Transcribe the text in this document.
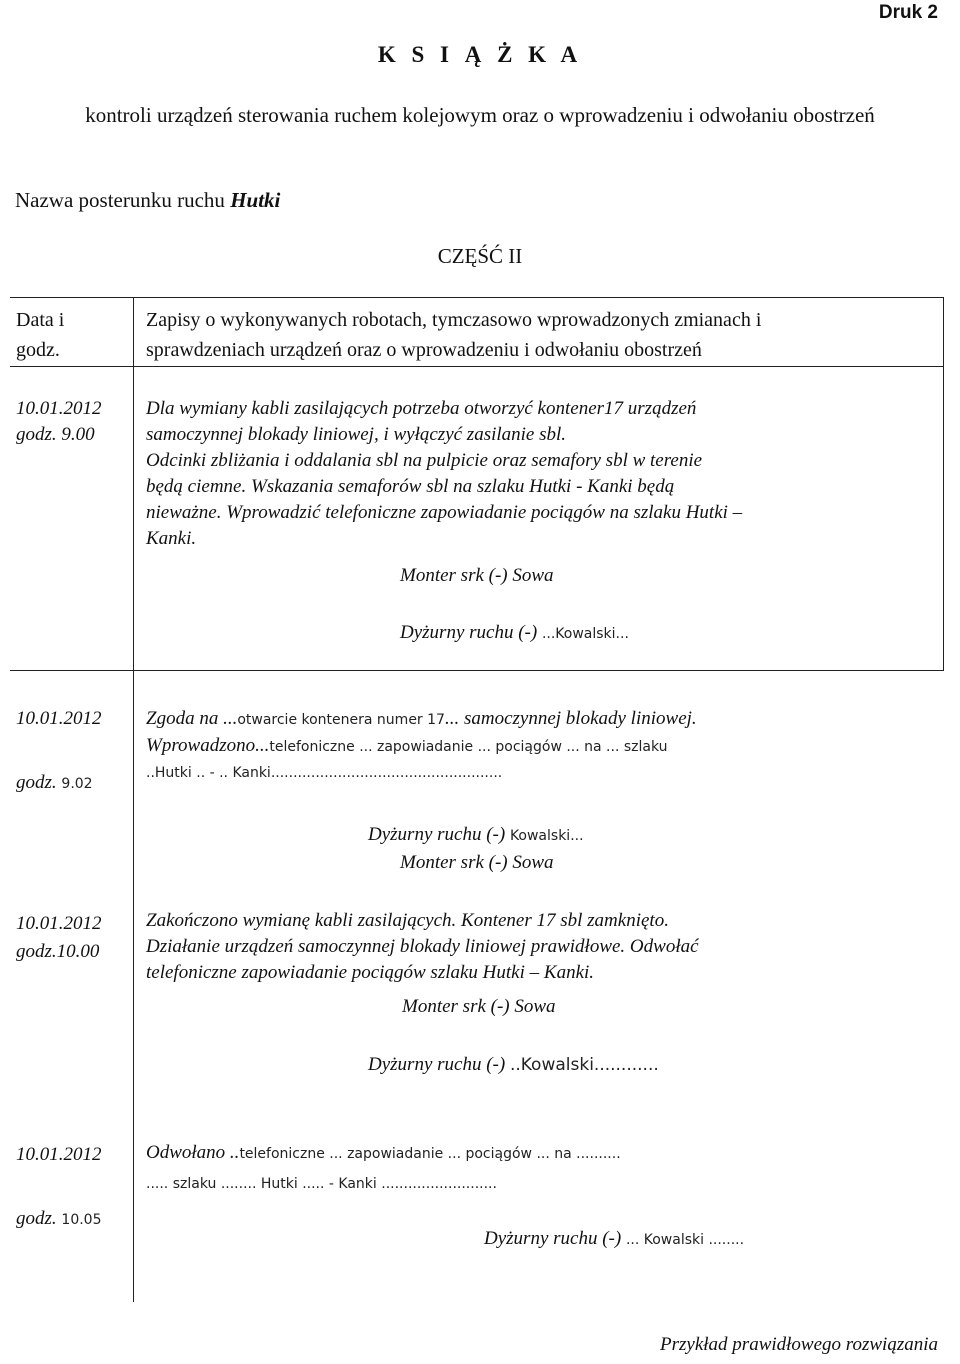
Druk 2
K S I Ą Ż K A
kontroli urządzeń sterowania ruchem kolejowym oraz o wprowadzeniu i odwołaniu obostrzeń
Nazwa posterunku ruchu Hutki
CZĘŚĆ II
Data i
godz.
Zapisy o wykonywanych robotach, tymczasowo wprowadzonych zmianach i
sprawdzeniach urządzeń oraz o wprowadzeniu i odwołaniu obostrzeń
10.01.2012
godz. 9.00
Dla wymiany kabli zasilających potrzeba otworzyć kontener17 urządzeń
samoczynnej blokady liniowej, i wyłączyć zasilanie sbl.
Odcinki zbliżania i oddalania sbl na pulpicie oraz semafory sbl w terenie
będą ciemne. Wskazania semaforów sbl na szlaku Hutki - Kanki będą
nieważne. Wprowadzić telefoniczne zapowiadanie pociągów na szlaku Hutki –
Kanki.
Monter srk (-) Sowa
Dyżurny ruchu (-) ...Kowalski...
10.01.2012
godz. 9.02
Zgoda na ...otwarcie kontenera numer 17... samoczynnej blokady liniowej.
Wprowadzono...telefoniczne ... zapowiadanie ... pociągów ... na ... szlaku
..Hutki .. - .. Kanki....................................................
Dyżurny ruchu (-) Kowalski...
Monter srk (-) Sowa
10.01.2012
godz.10.00
Zakończono wymianę kabli zasilających. Kontener 17 sbl zamknięto.
Działanie urządzeń samoczynnej blokady liniowej prawidłowe. Odwołać
telefoniczne zapowiadanie pociągów szlaku Hutki – Kanki.
Monter srk (-) Sowa
Dyżurny ruchu (-) ..Kowalski............
10.01.2012
godz. 10.05
Odwołano ..telefoniczne ... zapowiadanie ... pociągów ... na ..........
..... szlaku ........ Hutki ..... - Kanki ..........................
Dyżurny ruchu (-) ... Kowalski ........
Przykład prawidłowego rozwiązania
